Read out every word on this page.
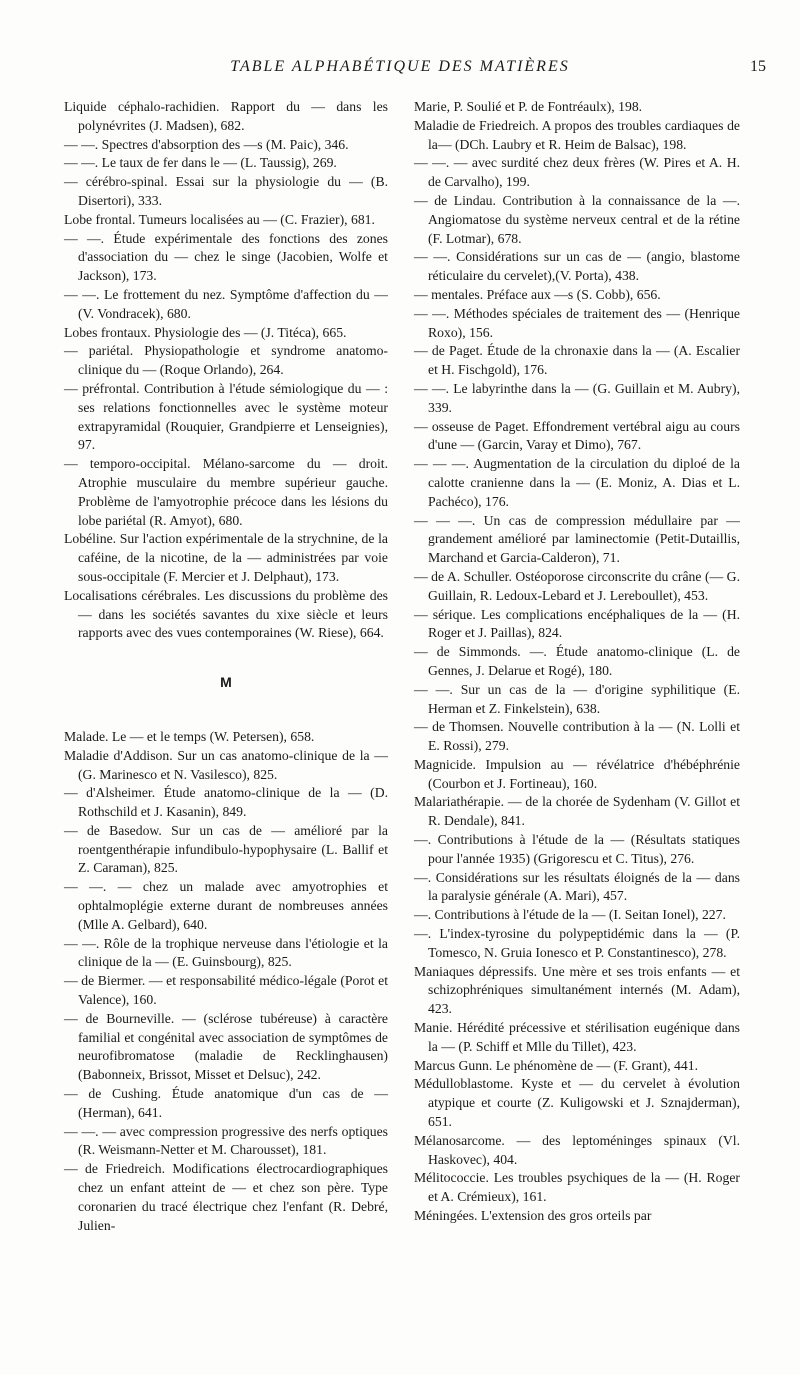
TABLE ALPHABÉTIQUE DES MATIÈRES	15

Liquide céphalo-rachidien. Rapport du — dans les polynévrites (J. Madsen), 682.

— —. Spectres d'absorption des —s (M. Paic), 346.

— —. Le taux de fer dans le — (L. Taussig), 269.

— cérébro-spinal. Essai sur la physiologie du — (B. Disertori), 333.

Lobe frontal. Tumeurs localisées au — (C. Frazier), 681.

— —. Étude expérimentale des fonctions des zones d'association du — chez le singe (Jacobien, Wolfe et Jackson), 173.

— —. Le frottement du nez. Symptôme d'affection du — (V. Vondracek), 680.

Lobes frontaux. Physiologie des — (J. Titéca), 665.

— pariétal. Physiopathologie et syndrome anatomo-clinique du — (Roque Orlando), 264.

— préfrontal. Contribution à l'étude sémiologique du — : ses relations fonctionnelles avec le système moteur extrapyramidal (Rouquier, Grandpierre et Lenseignies), 97.

— temporo-occipital. Mélano-sarcome du — droit. Atrophie musculaire du membre supérieur gauche. Problème de l'amyotrophie précoce dans les lésions du lobe pariétal (R. Amyot), 680.

Lobéline. Sur l'action expérimentale de la strychnine, de la caféine, de la nicotine, de la — administrées par voie sous-occipitale (F. Mercier et J. Delphaut), 173.

Localisations cérébrales. Les discussions du problème des — dans les sociétés savantes du xixe siècle et leurs rapports avec des vues contemporaines (W. Riese), 664.

M

Malade. Le — et le temps (W. Petersen), 658.

Maladie d'Addison. Sur un cas anatomo-clinique de la — (G. Marinesco et N. Vasilesco), 825.

— d'Alsheimer. Étude anatomo-clinique de la — (D. Rothschild et J. Kasanin), 849.

— de Basedow. Sur un cas de — amélioré par la roentgenthérapie infundibulo-hypophysaire (L. Ballif et Z. Caraman), 825.

— —. — chez un malade avec amyotrophies et ophtalmoplégie externe durant de nombreuses années (Mlle A. Gelbard), 640.

— —. Rôle de la trophique nerveuse dans l'étiologie et la clinique de la — (E. Guinsbourg), 825.

— de Biermer. — et responsabilité médico-légale (Porot et Valence), 160.

— de Bourneville. — (sclérose tubéreuse) à caractère familial et congénital avec association de symptômes de neurofibromatose (maladie de Recklinghausen) (Babonneix, Brissot, Misset et Delsuc), 242.

— de Cushing. Étude anatomique d'un cas de — (Herman), 641.

— —. — avec compression progressive des nerfs optiques (R. Weismann-Netter et M. Charousset), 181.

— de Friedreich. Modifications électrocardiographiques chez un enfant atteint de — et chez son père. Type coronarien du tracé électrique chez l'enfant (R. Debré, Julien-

Marie, P. Soulié et P. de Fontréaulx), 198.

Maladie de Friedreich. A propos des troubles cardiaques de la— (DCh. Laubry et R. Heim de Balsac), 198.

— —. — avec surdité chez deux frères (W. Pires et A. H. de Carvalho), 199.

— de Lindau. Contribution à la connaissance de la —. Angiomatose du système nerveux central et de la rétine (F. Lotmar), 678.

— —. Considérations sur un cas de — (angio, blastome réticulaire du cervelet),(V. Porta), 438.

— mentales. Préface aux —s (S. Cobb), 656.

— —. Méthodes spéciales de traitement des — (Henrique Roxo), 156.

— de Paget. Étude de la chronaxie dans la — (A. Escalier et H. Fischgold), 176.

— —. Le labyrinthe dans la — (G. Guillain et M. Aubry), 339.

— osseuse de Paget. Effondrement vertébral aigu au cours d'une — (Garcin, Varay et Dimo), 767.

— — —. Augmentation de la circulation du diploé de la calotte cranienne dans la — (E. Moniz, A. Dias et L. Pachéco), 176.

— — —. Un cas de compression médullaire par — grandement amélioré par laminectomie (Petit-Dutaillis, Marchand et Garcia-Calderon), 71.

— de A. Schuller. Ostéoporose circonscrite du crâne (— G. Guillain, R. Ledoux-Lebard et J. Lereboullet), 453.

— sérique. Les complications encéphaliques de la — (H. Roger et J. Paillas), 824.

— de Simmonds. —. Étude anatomo-clinique (L. de Gennes, J. Delarue et Rogé), 180.

— —. Sur un cas de la — d'origine syphilitique (E. Herman et Z. Finkelstein), 638.

— de Thomsen. Nouvelle contribution à la — (N. Lolli et E. Rossi), 279.

Magnicide. Impulsion au — révélatrice d'hébéphrénie (Courbon et J. Fortineau), 160.

Malariathérapie. — de la chorée de Sydenham (V. Gillot et R. Dendale), 841.

—. Contributions à l'étude de la — (Résultats statiques pour l'année 1935) (Grigorescu et C. Titus), 276.

—. Considérations sur les résultats éloignés de la — dans la paralysie générale (A. Mari), 457.

—. Contributions à l'étude de la — (I. Seitan Ionel), 227.

—. L'index-tyrosine du polypeptidémic dans la — (P. Tomesco, N. Gruia Ionesco et P. Constantinesco), 278.

Maniaques dépressifs. Une mère et ses trois enfants — et schizophréniques simultanément internés (M. Adam), 423.

Manie. Hérédité précessive et stérilisation eugénique dans la — (P. Schiff et Mlle du Tillet), 423.

Marcus Gunn. Le phénomène de — (F. Grant), 441.

Médulloblastome. Kyste et — du cervelet à évolution atypique et courte (Z. Kuligowski et J. Sznajderman), 651.

Mélanosarcome. — des leptoméninges spinaux (Vl. Haskovec), 404.

Mélitococcie. Les troubles psychiques de la — (H. Roger et A. Crémieux), 161.

Méningées. L'extension des gros orteils par
